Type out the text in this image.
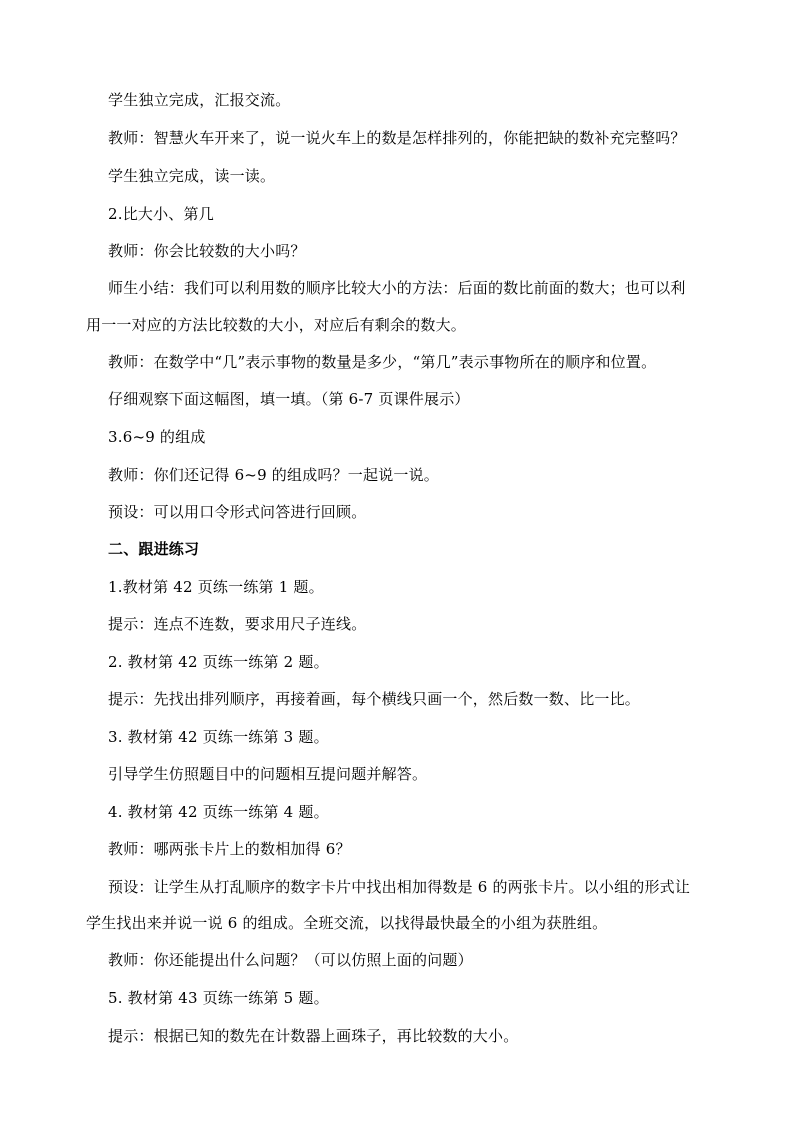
学生独立完成，汇报交流。
教师：智慧火车开来了，说一说火车上的数是怎样排列的，你能把缺的数补充完整吗？
学生独立完成，读一读。
2.比大小、第几
教师：你会比较数的大小吗？
师生小结：我们可以利用数的顺序比较大小的方法：后面的数比前面的数大；也可以利
用一一对应的方法比较数的大小，对应后有剩余的数大。
教师：在数学中“几”表示事物的数量是多少，“第几”表示事物所在的顺序和位置。
仔细观察下面这幅图，填一填。（第 6-7 页课件展示）
3.6~9 的组成
教师：你们还记得 6~9 的组成吗？一起说一说。
预设：可以用口令形式问答进行回顾。
二、跟进练习
1.教材第 42 页练一练第 1 题。
提示：连点不连数，要求用尺子连线。
2. 教材第 42 页练一练第 2 题。
提示：先找出排列顺序，再接着画，每个横线只画一个，然后数一数、比一比。
3. 教材第 42 页练一练第 3 题。
引导学生仿照题目中的问题相互提问题并解答。
4. 教材第 42 页练一练第 4 题。
教师：哪两张卡片上的数相加得 6？
预设：让学生从打乱顺序的数字卡片中找出相加得数是 6 的两张卡片。以小组的形式让
学生找出来并说一说 6 的组成。全班交流，以找得最快最全的小组为获胜组。
教师：你还能提出什么问题？（可以仿照上面的问题）
5. 教材第 43 页练一练第 5 题。
提示：根据已知的数先在计数器上画珠子，再比较数的大小。
